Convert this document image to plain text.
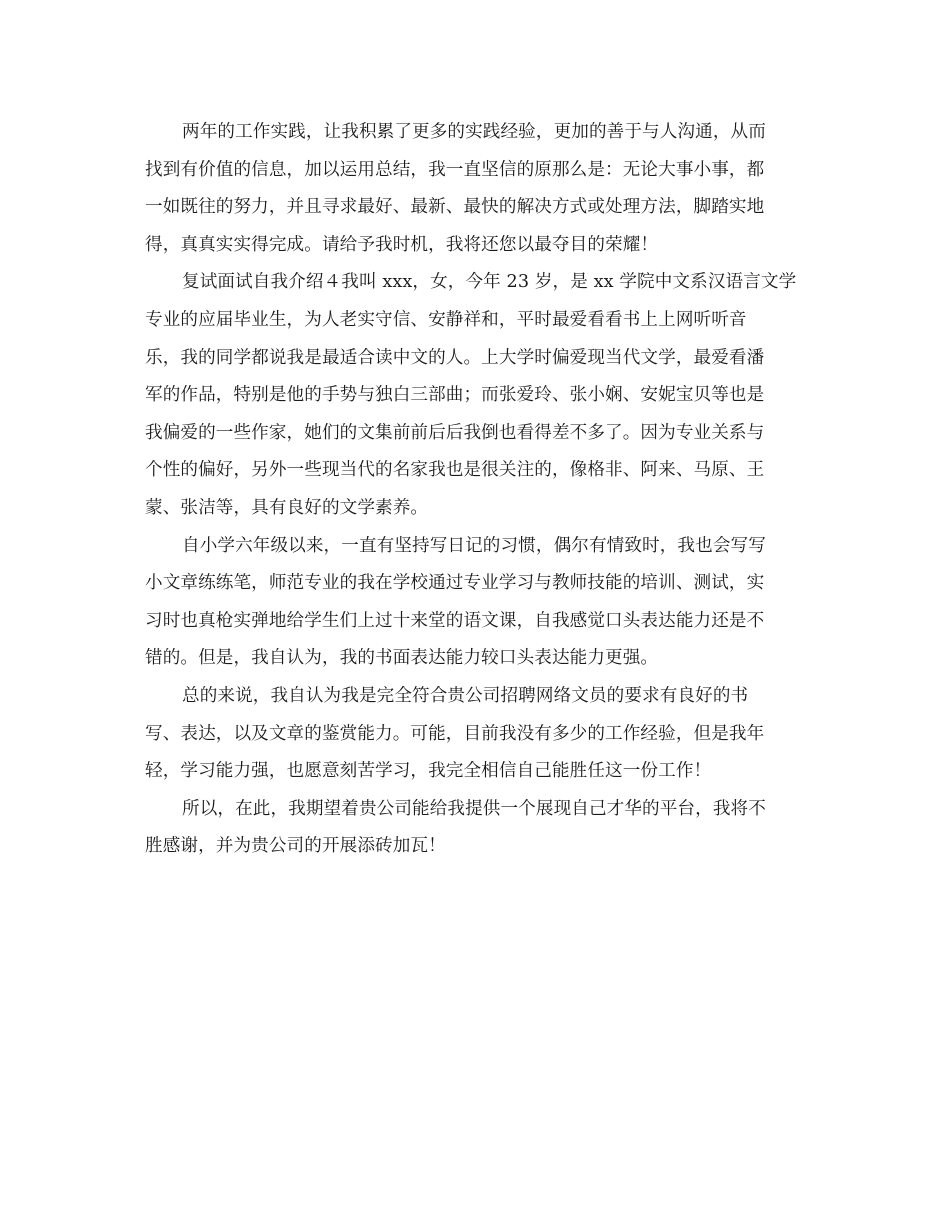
两年的工作实践，让我积累了更多的实践经验，更加的善于与人沟通，从而
找到有价值的信息，加以运用总结，我一直坚信的原那么是：无论大事小事，都
一如既往的努力，并且寻求最好、最新、最快的解决方式或处理方法，脚踏实地
得，真真实实得完成。请给予我时机，我将还您以最夺目的荣耀！
复试面试自我介绍４我叫 xxx，女，今年 23 岁，是 xx 学院中文系汉语言文学
专业的应届毕业生，为人老实守信、安静祥和，平时最爱看看书上上网听听音
乐，我的同学都说我是最适合读中文的人。上大学时偏爱现当代文学，最爱看潘
军的作品，特别是他的手势与独白三部曲；而张爱玲、张小娴、安妮宝贝等也是
我偏爱的一些作家，她们的文集前前后后我倒也看得差不多了。因为专业关系与
个性的偏好，另外一些现当代的名家我也是很关注的，像格非、阿来、马原、王
蒙、张洁等，具有良好的文学素养。
自小学六年级以来，一直有坚持写日记的习惯，偶尔有情致时，我也会写写
小文章练练笔，师范专业的我在学校通过专业学习与教师技能的培训、测试，实
习时也真枪实弹地给学生们上过十来堂的语文课，自我感觉口头表达能力还是不
错的。但是，我自认为，我的书面表达能力较口头表达能力更强。
总的来说，我自认为我是完全符合贵公司招聘网络文员的要求有良好的书
写、表达，以及文章的鉴赏能力。可能，目前我没有多少的工作经验，但是我年
轻，学习能力强，也愿意刻苦学习，我完全相信自己能胜任这一份工作！
所以，在此，我期望着贵公司能给我提供一个展现自己才华的平台，我将不
胜感谢，并为贵公司的开展添砖加瓦！
